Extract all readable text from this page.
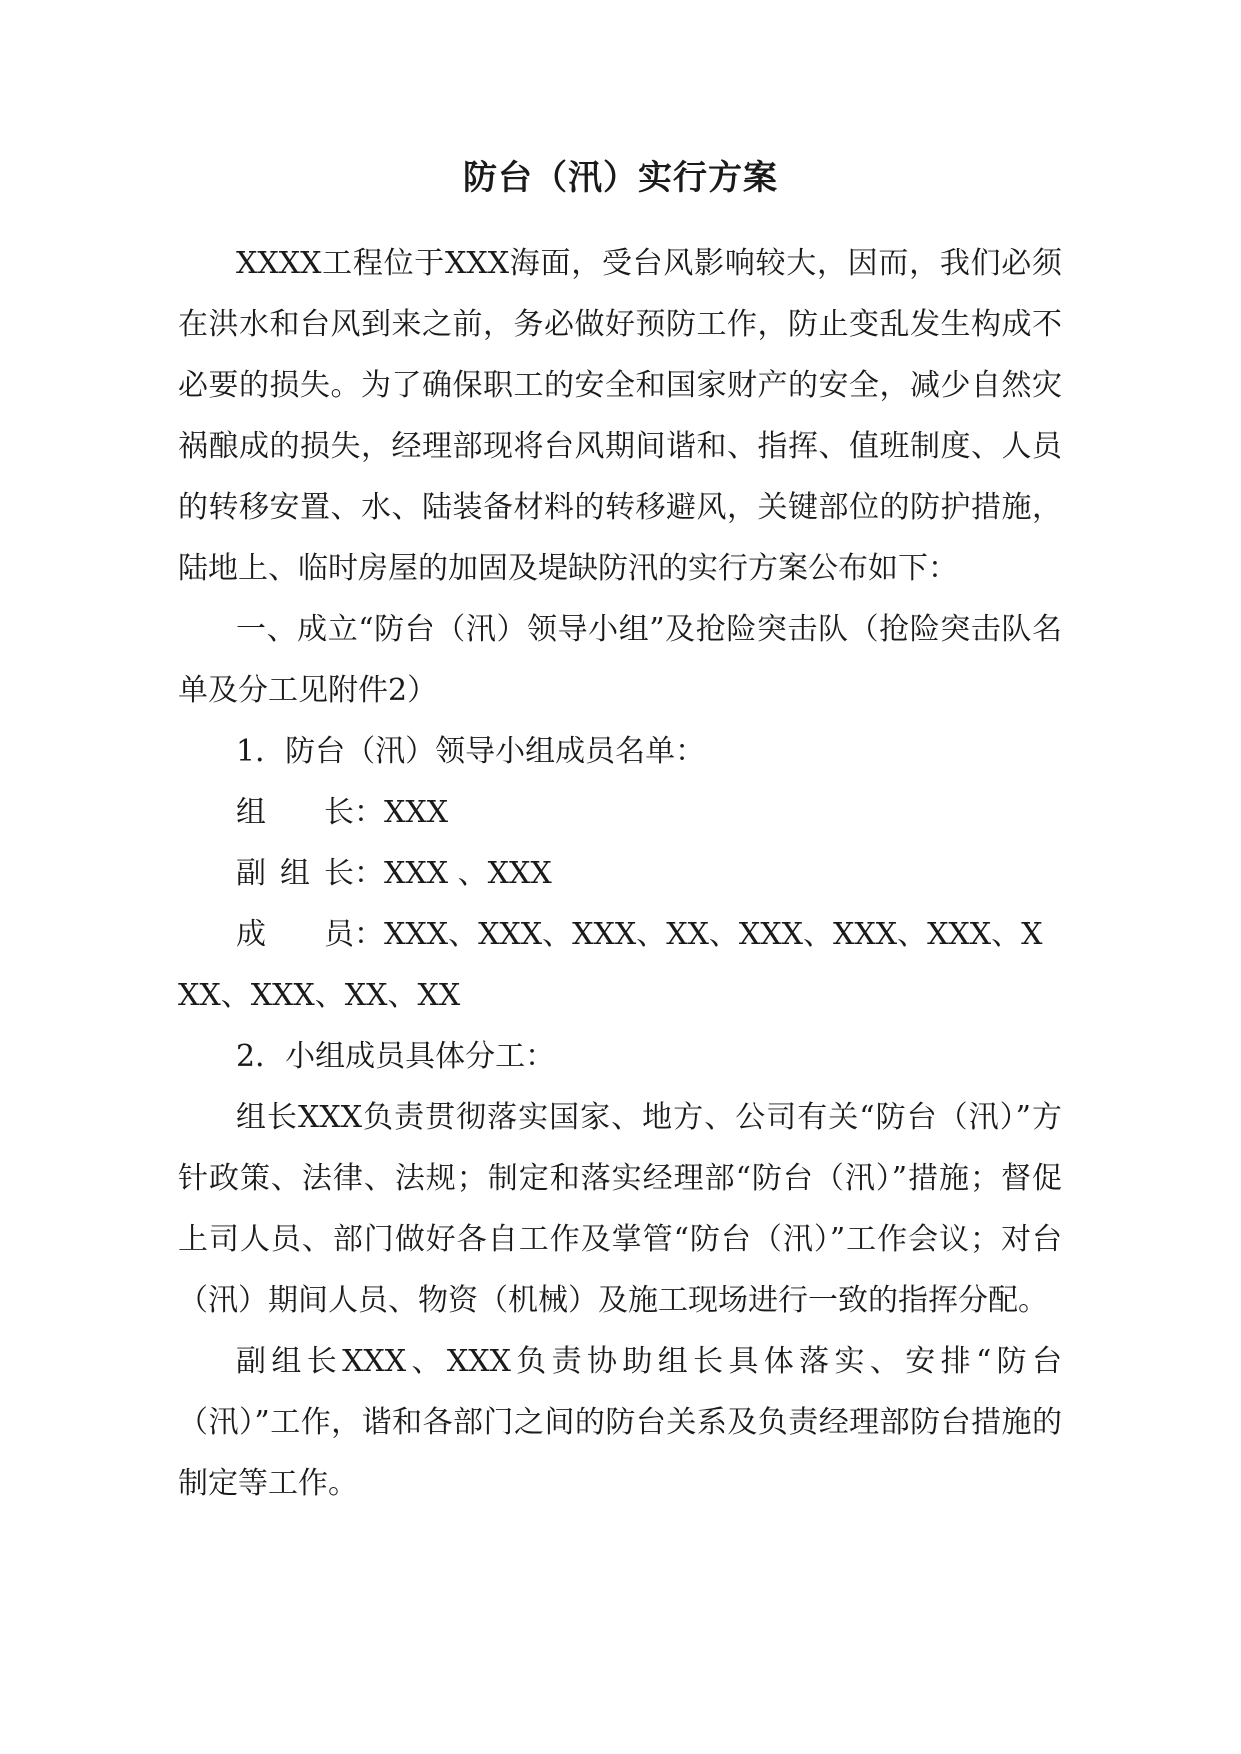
防台（汛）实行方案

XXXX工程位于XXX海面，受台风影响较大，因而，我们必须在洪水和台风到来之前，务必做好预防工作，防止变乱发生构成不必要的损失。为了确保职工的安全和国家财产的安全，减少自然灾祸酿成的损失，经理部现将台风期间谐和、指挥、值班制度、人员的转移安置、水、陆装备材料的转移避风，关键部位的防护措施，陆地上、临时房屋的加固及堤缺防汛的实行方案公布如下：

一、成立“防台（汛）领导小组”及抢险突击队（抢险突击队名单及分工见附件2）

1．防台（汛）领导小组成员名单：

组长 ： XXX
副组长 ： XXX 、XXX

成员：XXX、XXX、XXX、XX、XXX、XXX、XXX、XXX、XXX、XX、XX

2．小组成员具体分工：

组长XXX负责贯彻落实国家、地方、公司有关“防台（汛）”方针政策、法律、法规；制定和落实经理部“防台（汛）”措施；督促上司人员、部门做好各自工作及掌管“防台（汛）”工作会议；对台（汛）期间人员、物资（机械）及施工现场进行一致的指挥分配。

副组长XXX、XXX负责协助组长具体落实、安排“防台（汛）”工作，谐和各部门之间的防台关系及负责经理部防台措施的制定等工作。
